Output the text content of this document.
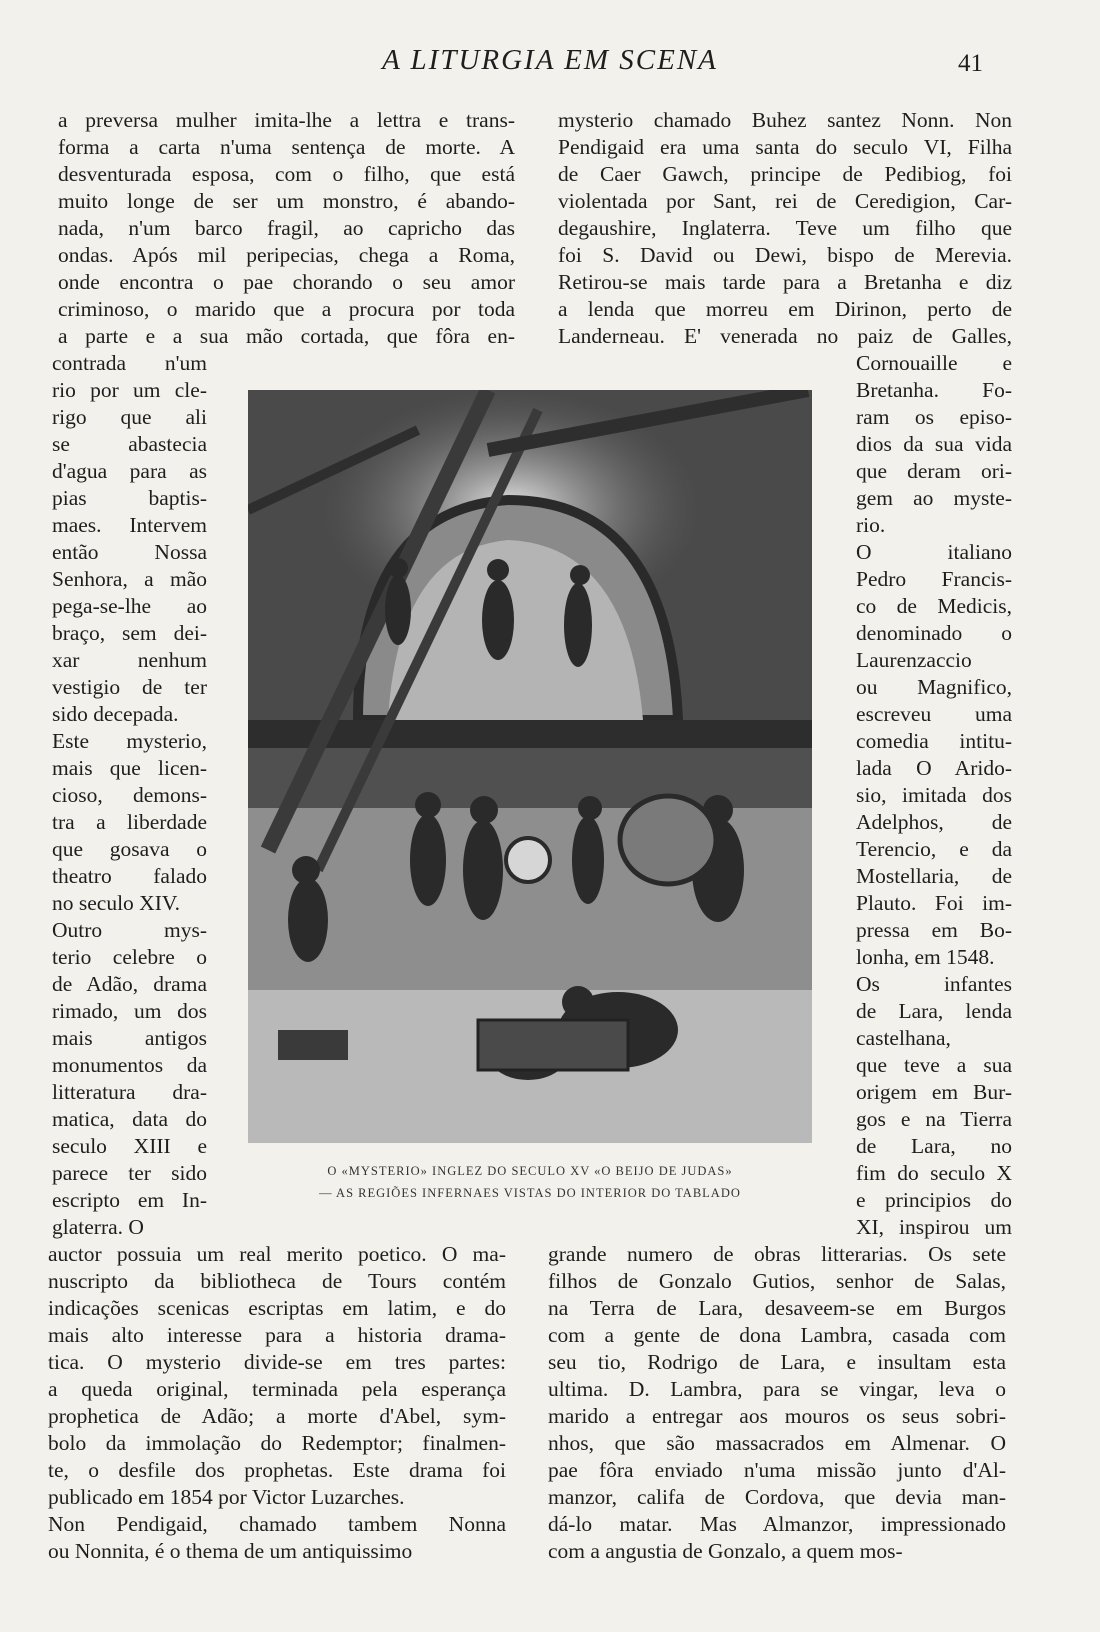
A LITURGIA EM SCENA	41
a preversa mulher imita-lhe a lettra e trans-
forma a carta n'uma sentença de morte. A
desventurada esposa, com o filho, que está
muito longe de ser um monstro, é abando-
nada, n'um barco fragil, ao capricho das
ondas. Após mil peripecias, chega a Roma,
onde encontra o pae chorando o seu amor
criminoso, o marido que a procura por toda
a parte e a sua mão cortada, que fôra en-
contrada n'um
rio por um cle-
rigo que ali
se abastecia
d'agua para as
pias baptis-
maes. Intervem
então Nossa
Senhora, a mão
pega-se-lhe ao
braço, sem dei-
xar nenhum
vestigio de ter
sido decepada.
Este mysterio,
mais que licen-
cioso, demons-
tra a liberdade
que gosava o
theatro falado
no seculo XIV.
Outro mys-
terio celebre o
de Adão, drama
rimado, um dos
mais antigos
monumentos da
litteratura dra-
matica, data do
seculo XIII e
parece ter sido
escripto em In-
glaterra. O
auctor possuia um real merito poetico. O ma-
nuscripto da bibliotheca de Tours contém
indicações scenicas escriptas em latim, e do
mais alto interesse para a historia drama-
tica. O mysterio divide-se em tres partes:
a queda original, terminada pela esperança
prophetica de Adão; a morte d'Abel, sym-
bolo da immolação do Redemptor; finalmen-
te, o desfile dos prophetas. Este drama foi
publicado em 1854 por Victor Luzarches.
Non Pendigaid, chamado tambem Nonna
ou Nonnita, é o thema de um antiquissimo
mysterio chamado Buhez santez Nonn. Non
Pendigaid era uma santa do seculo VI, Filha
de Caer Gawch, principe de Pedibiog, foi
violentada por Sant, rei de Ceredigion, Car-
degaushire, Inglaterra. Teve um filho que
foi S. David ou Dewi, bispo de Merevia.
Retirou-se mais tarde para a Bretanha e diz
a lenda que morreu em Dirinon, perto de
Landerneau. E' venerada no paiz de Galles,
Cornouaille e
Bretanha. Fo-
ram os episo-
dios da sua vida
que deram ori-
gem ao myste-
rio.
O italiano
Pedro Francis-
co de Medicis,
denominado o
Laurenzaccio
ou Magnifico,
escreveu uma
comedia intitu-
lada O Arido-
sio, imitada dos
Adelphos, de
Terencio, e da
Mostellaria, de
Plauto. Foi im-
pressa em Bo-
lonha, em 1548.
Os infantes
de Lara, lenda
castelhana,
que teve a sua
origem em Bur-
gos e na Tierra
de Lara, no
fim do seculo X
e principios do
XI, inspirou um
grande numero de obras litterarias. Os sete
filhos de Gonzalo Gutios, senhor de Salas,
na Terra de Lara, desaveem-se em Burgos
com a gente de dona Lambra, casada com
seu tio, Rodrigo de Lara, e insultam esta
ultima. D. Lambra, para se vingar, leva o
marido a entregar aos mouros os seus sobri-
nhos, que são massacrados em Almenar. O
pae fôra enviado n'uma missão junto d'Al-
manzor, califa de Cordova, que devia man-
dá-lo matar. Mas Almanzor, impressionado
com a angustia de Gonzalo, a quem mos-
O «MYSTERIO» INGLEZ DO SECULO XV «O BEIJO DE JUDAS»
— AS REGIÕES INFERNAES VISTAS DO INTERIOR DO TABLADO
